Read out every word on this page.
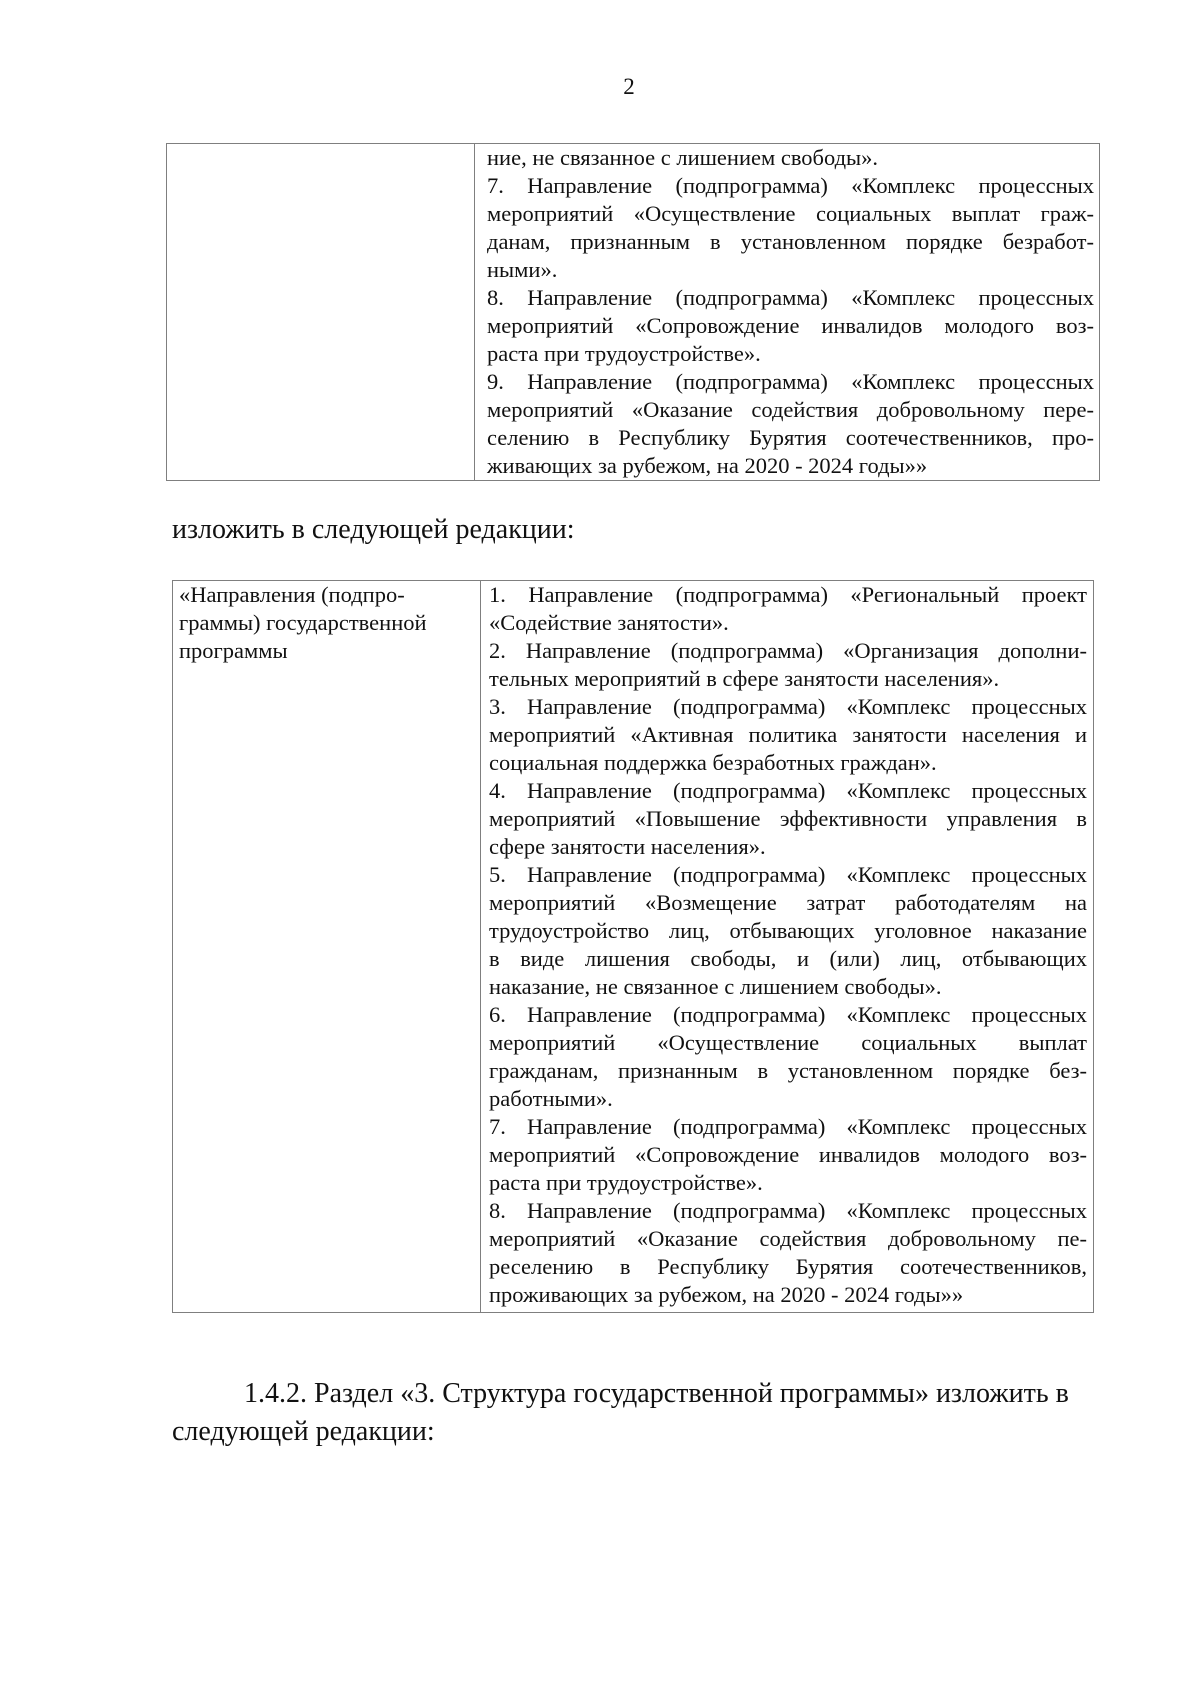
2

ние, не связанное с лишением свободы».
7. Направление (подпрограмма) «Комплекс процессных
мероприятий «Осуществление социальных выплат граж-
данам, признанным в установленном порядке безработ-
ными».
8. Направление (подпрограмма) «Комплекс процессных
мероприятий «Сопровождение инвалидов молодого воз-
раста при трудоустройстве».
9. Направление (подпрограмма) «Комплекс процессных
мероприятий «Оказание содействия добровольному пере-
селению в Республику Бурятия соотечественников, про-
живающих за рубежом, на 2020 - 2024 годы»»
изложить в следующей редакции:
«Направления (подпро-
граммы) государственной
программы

1. Направление (подпрограмма) «Региональный проект
«Содействие занятости».
2. Направление (подпрограмма) «Организация дополни-
тельных мероприятий в сфере занятости населения».
3. Направление (подпрограмма) «Комплекс процессных
мероприятий «Активная политика занятости населения и
социальная поддержка безработных граждан».
4. Направление (подпрограмма) «Комплекс процессных
мероприятий «Повышение эффективности управления в
сфере занятости населения».
5. Направление (подпрограмма) «Комплекс процессных
мероприятий «Возмещение затрат работодателям на
трудоустройство лиц, отбывающих уголовное наказание
в виде лишения свободы, и (или) лиц, отбывающих
наказание, не связанное с лишением свободы».
6. Направление (подпрограмма) «Комплекс процессных
мероприятий «Осуществление социальных выплат
гражданам, признанным в установленном порядке без-
работными».
7. Направление (подпрограмма) «Комплекс процессных
мероприятий «Сопровождение инвалидов молодого воз-
раста при трудоустройстве».
8. Направление (подпрограмма) «Комплекс процессных
мероприятий «Оказание содействия добровольному пе-
реселению в Республику Бурятия соотечественников,
проживающих за рубежом, на 2020 - 2024 годы»»
1.4.2. Раздел «3. Структура государственной программы» изложить в
следующей редакции:
